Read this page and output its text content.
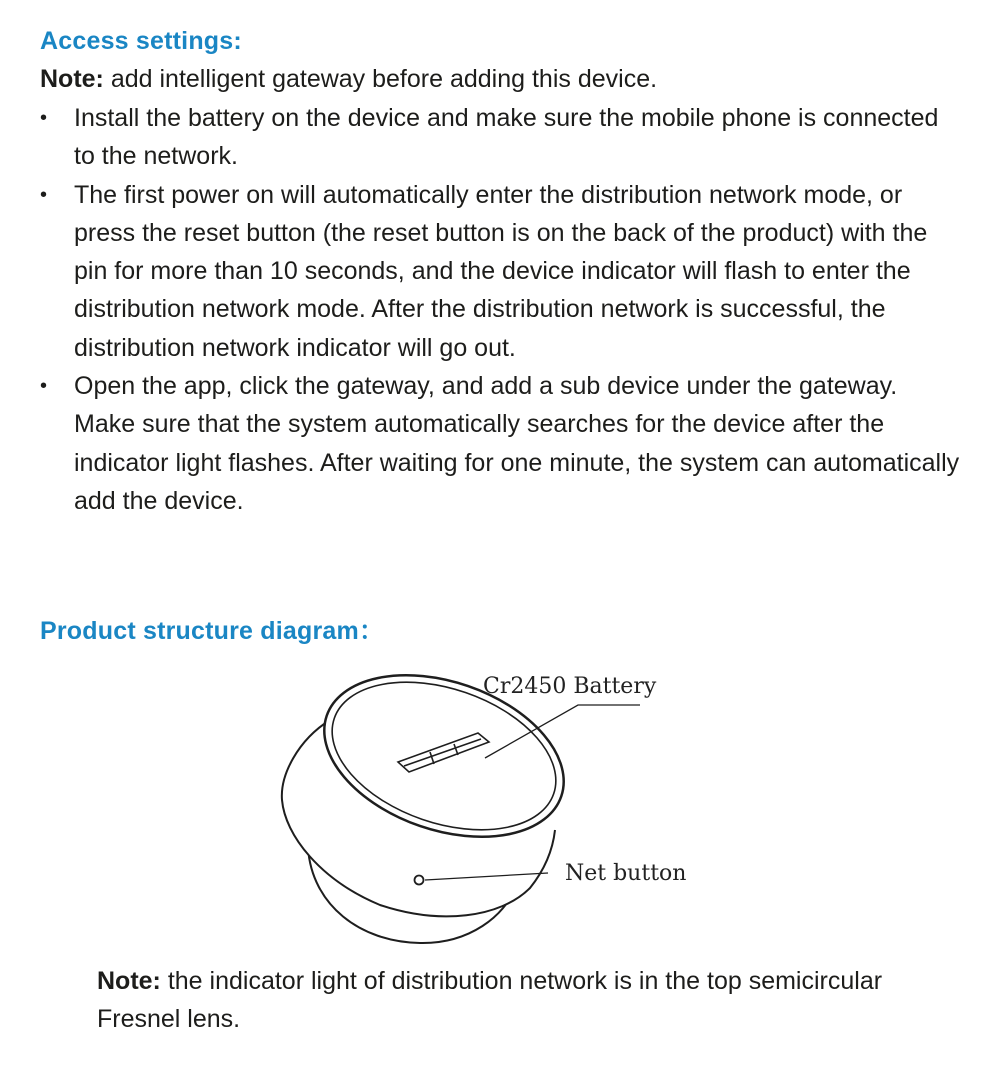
Access settings:

Note: add intelligent gateway before adding this device.

• Install the battery on the device and make sure the mobile phone is connected to the network.
• The first power on will automatically enter the distribution network mode, or press the reset button (the reset button is on the back of the product) with the pin for more than 10 seconds, and the device indicator will flash to enter the distribution network mode. After the distribution network is successful, the distribution network indicator will go out.
• Open the app, click the gateway, and add a sub device under the gateway. Make sure that the system automatically searches for the device after the indicator light flashes. After waiting for one minute, the system can automatically add the device.
Product structure diagram：
Cr2450 Battery
Net button

Note: the indicator light of distribution network is in the top semicircular Fresnel lens.
